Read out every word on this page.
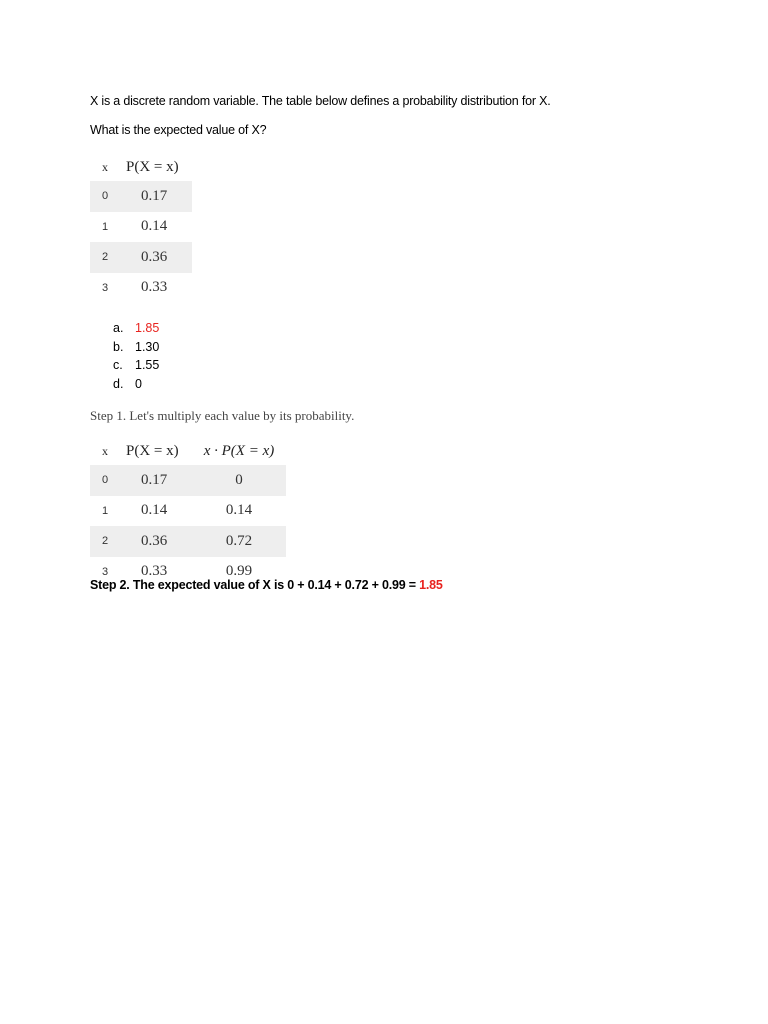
X is a discrete random variable. The table below defines a probability distribution for X.
What is the expected value of X?
x	P(X = x)
0	0.17
1	0.14
2	0.36
3	0.33
a. 1.85
b. 1.30
c. 1.55
d. 0
Step 1. Let's multiply each value by its probability.
x	P(X = x)	x · P(X = x)
0	0.17	0
1	0.14	0.14
2	0.36	0.72
3	0.33	0.99
Step 2. The expected value of X is 0 + 0.14 + 0.72 + 0.99 = 1.85
